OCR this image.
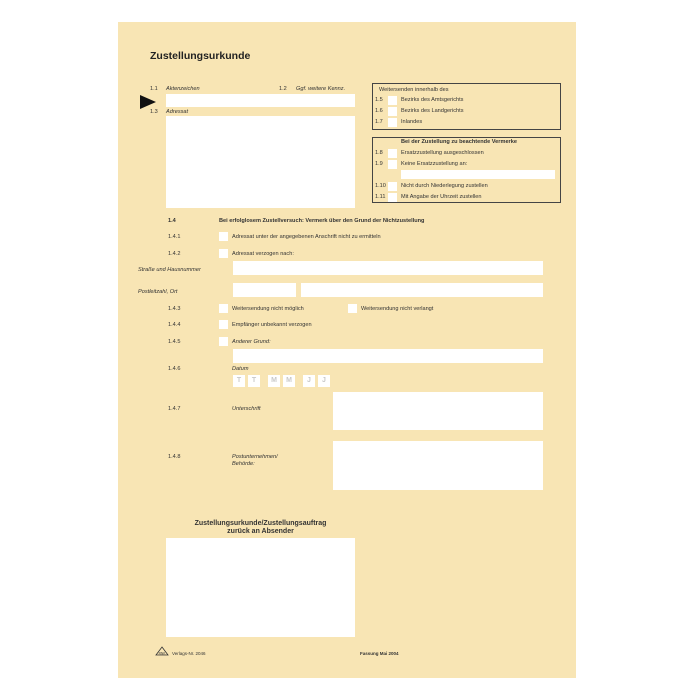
Zustellungsurkunde
1.1 Aktenzeichen	1.2 Ggf. weitere Kennz.
1.3 Adressat
Weitersenden innerhalb des
1.5	Bezirks des Amtsgerichts
1.6	Bezirks des Landgerichts
1.7	Inlandes
Bei der Zustellung zu beachtende Vermerke
1.8	Ersatzzustellung ausgeschlossen
1.9	Keine Ersatzzustellung an:
1.10	Nicht durch Niederlegung zustellen
1.11	Mit Angabe der Uhrzeit zustellen
1.4	Bei erfolglosem Zustellversuch: Vermerk über den Grund der Nichtzustellung
1.4.1	Adressat unter der angegebenen Anschrift nicht zu ermitteln
1.4.2	Adressat verzogen nach:
Straße und Hausnummer
Postleitzahl, Ort
1.4.3	Weitersendung nicht möglich	Weitersendung nicht verlangt
1.4.4	Empfänger unbekannt verzogen
1.4.5	Anderer Grund:
1.4.6	Datum
T	T	M	M	J	J
1.4.7	Unterschrift
1.4.8	Postunternehmen/
Behörde:
Zustellungsurkunde/Zustellungsauftrag
zurück an Absender
RNK Verlags-Nr. 2046	Fassung Mai 2004
